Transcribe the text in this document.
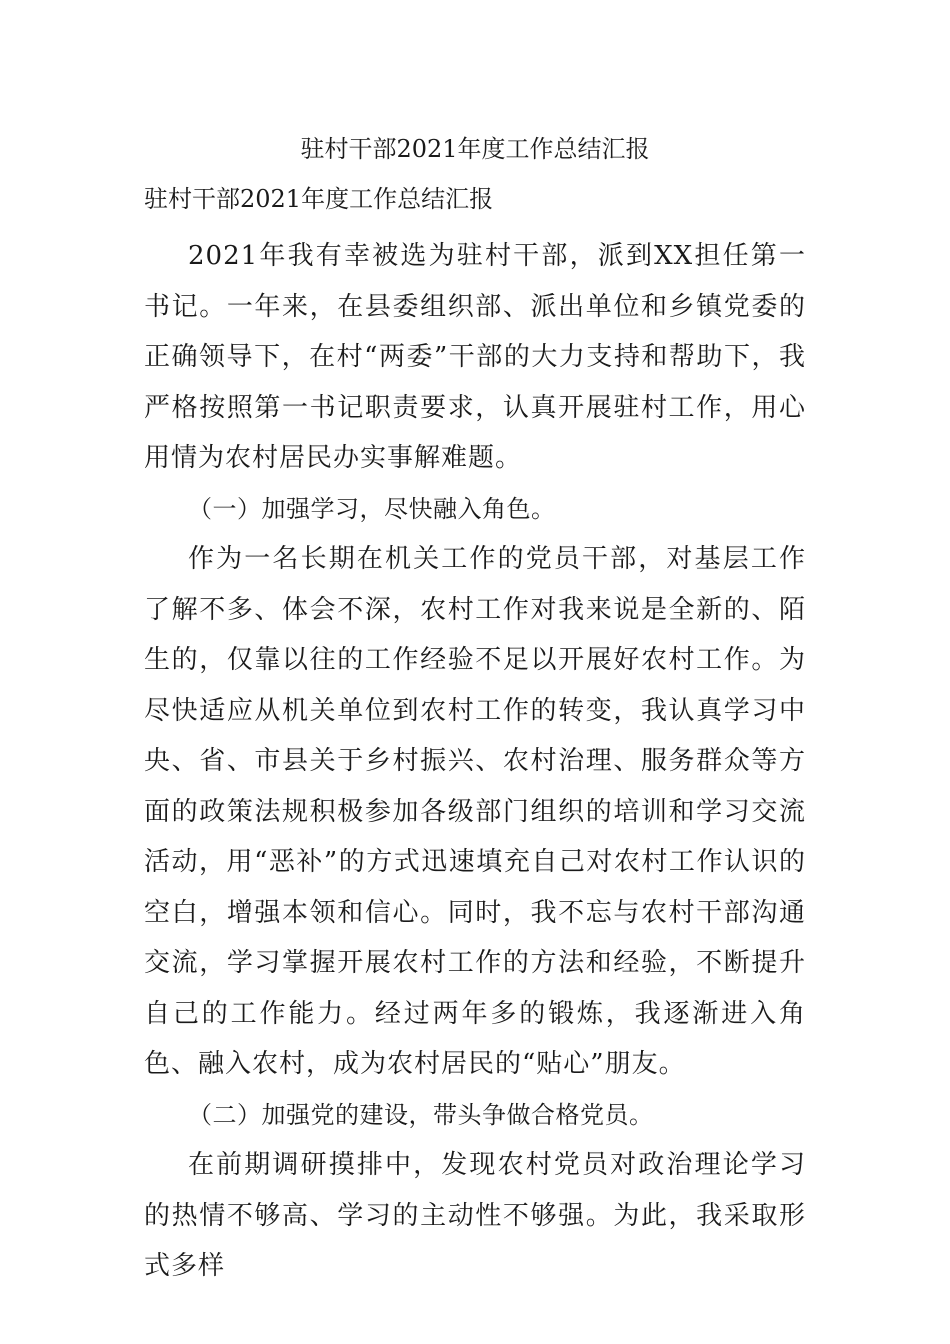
驻村干部2021年度工作总结汇报

驻村干部2021年度工作总结汇报

2021年我有幸被选为驻村干部，派到XX担任第一书记。一年来，在县委组织部、派出单位和乡镇党委的正确领导下，在村“两委”干部的大力支持和帮助下，我严格按照第一书记职责要求，认真开展驻村工作，用心用情为农村居民办实事解难题。

（一）加强学习，尽快融入角色。

作为一名长期在机关工作的党员干部，对基层工作了解不多、体会不深，农村工作对我来说是全新的、陌生的，仅靠以往的工作经验不足以开展好农村工作。为尽快适应从机关单位到农村工作的转变，我认真学习中央、省、市县关于乡村振兴、农村治理、服务群众等方面的政策法规积极参加各级部门组织的培训和学习交流活动，用“恶补”的方式迅速填充自己对农村工作认识的空白，增强本领和信心。同时，我不忘与农村干部沟通交流，学习掌握开展农村工作的方法和经验，不断提升自己的工作能力。经过两年多的锻炼，我逐渐进入角色、融入农村，成为农村居民的“贴心”朋友。

（二）加强党的建设，带头争做合格党员。

在前期调研摸排中，发现农村党员对政治理论学习的热情不够高、学习的主动性不够强。为此，我采取形式多样
